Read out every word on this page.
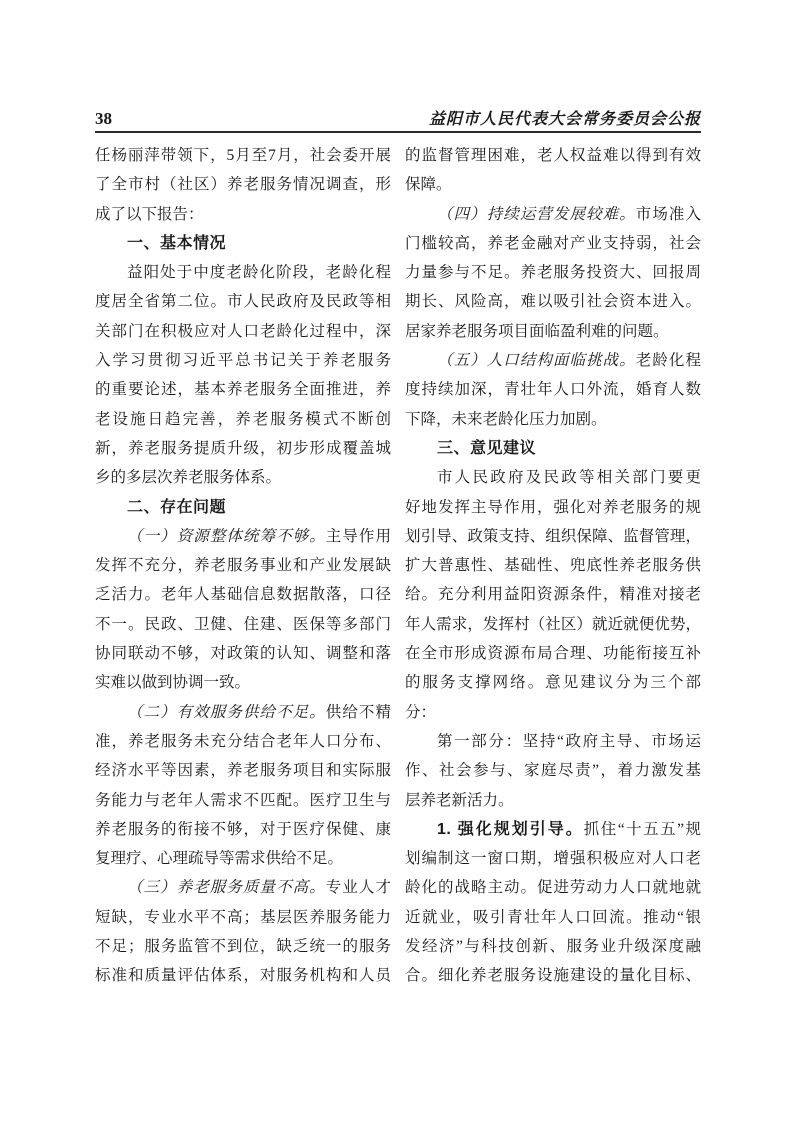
38	益阳市人民代表大会常务委员会公报
任杨丽萍带领下，5月至7月，社会委开展
了全市村（社区）养老服务情况调查，形
成了以下报告：
一、基本情况
益阳处于中度老龄化阶段，老龄化程
度居全省第二位。市人民政府及民政等相
关部门在积极应对人口老龄化过程中，深
入学习贯彻习近平总书记关于养老服务
的重要论述，基本养老服务全面推进，养
老设施日趋完善，养老服务模式不断创
新，养老服务提质升级，初步形成覆盖城
乡的多层次养老服务体系。
二、存在问题
（一）资源整体统筹不够。主导作用
发挥不充分，养老服务事业和产业发展缺
乏活力。老年人基础信息数据散落，口径
不一。民政、卫健、住建、医保等多部门
协同联动不够，对政策的认知、调整和落
实难以做到协调一致。
（二）有效服务供给不足。供给不精
准，养老服务未充分结合老年人口分布、
经济水平等因素，养老服务项目和实际服
务能力与老年人需求不匹配。医疗卫生与
养老服务的衔接不够，对于医疗保健、康
复理疗、心理疏导等需求供给不足。
（三）养老服务质量不高。专业人才
短缺，专业水平不高；基层医养服务能力
不足；服务监管不到位，缺乏统一的服务
标准和质量评估体系，对服务机构和人员
的监督管理困难，老人权益难以得到有效
保障。
（四）持续运营发展较难。市场准入
门槛较高，养老金融对产业支持弱，社会
力量参与不足。养老服务投资大、回报周
期长、风险高，难以吸引社会资本进入。
居家养老服务项目面临盈利难的问题。
（五）人口结构面临挑战。老龄化程
度持续加深，青壮年人口外流，婚育人数
下降，未来老龄化压力加剧。
三、意见建议
市人民政府及民政等相关部门要更
好地发挥主导作用，强化对养老服务的规
划引导、政策支持、组织保障、监督管理，
扩大普惠性、基础性、兜底性养老服务供
给。充分利用益阳资源条件，精准对接老
年人需求，发挥村（社区）就近就便优势，
在全市形成资源布局合理、功能衔接互补
的服务支撑网络。意见建议分为三个部
分：
第一部分：坚持“政府主导、市场运
作、社会参与、家庭尽责”，着力激发基
层养老新活力。
1. 强化规划引导。抓住“十五五”规
划编制这一窗口期，增强积极应对人口老
龄化的战略主动。促进劳动力人口就地就
近就业，吸引青壮年人口回流。推动“银
发经济”与科技创新、服务业升级深度融
合。细化养老服务设施建设的量化目标、
